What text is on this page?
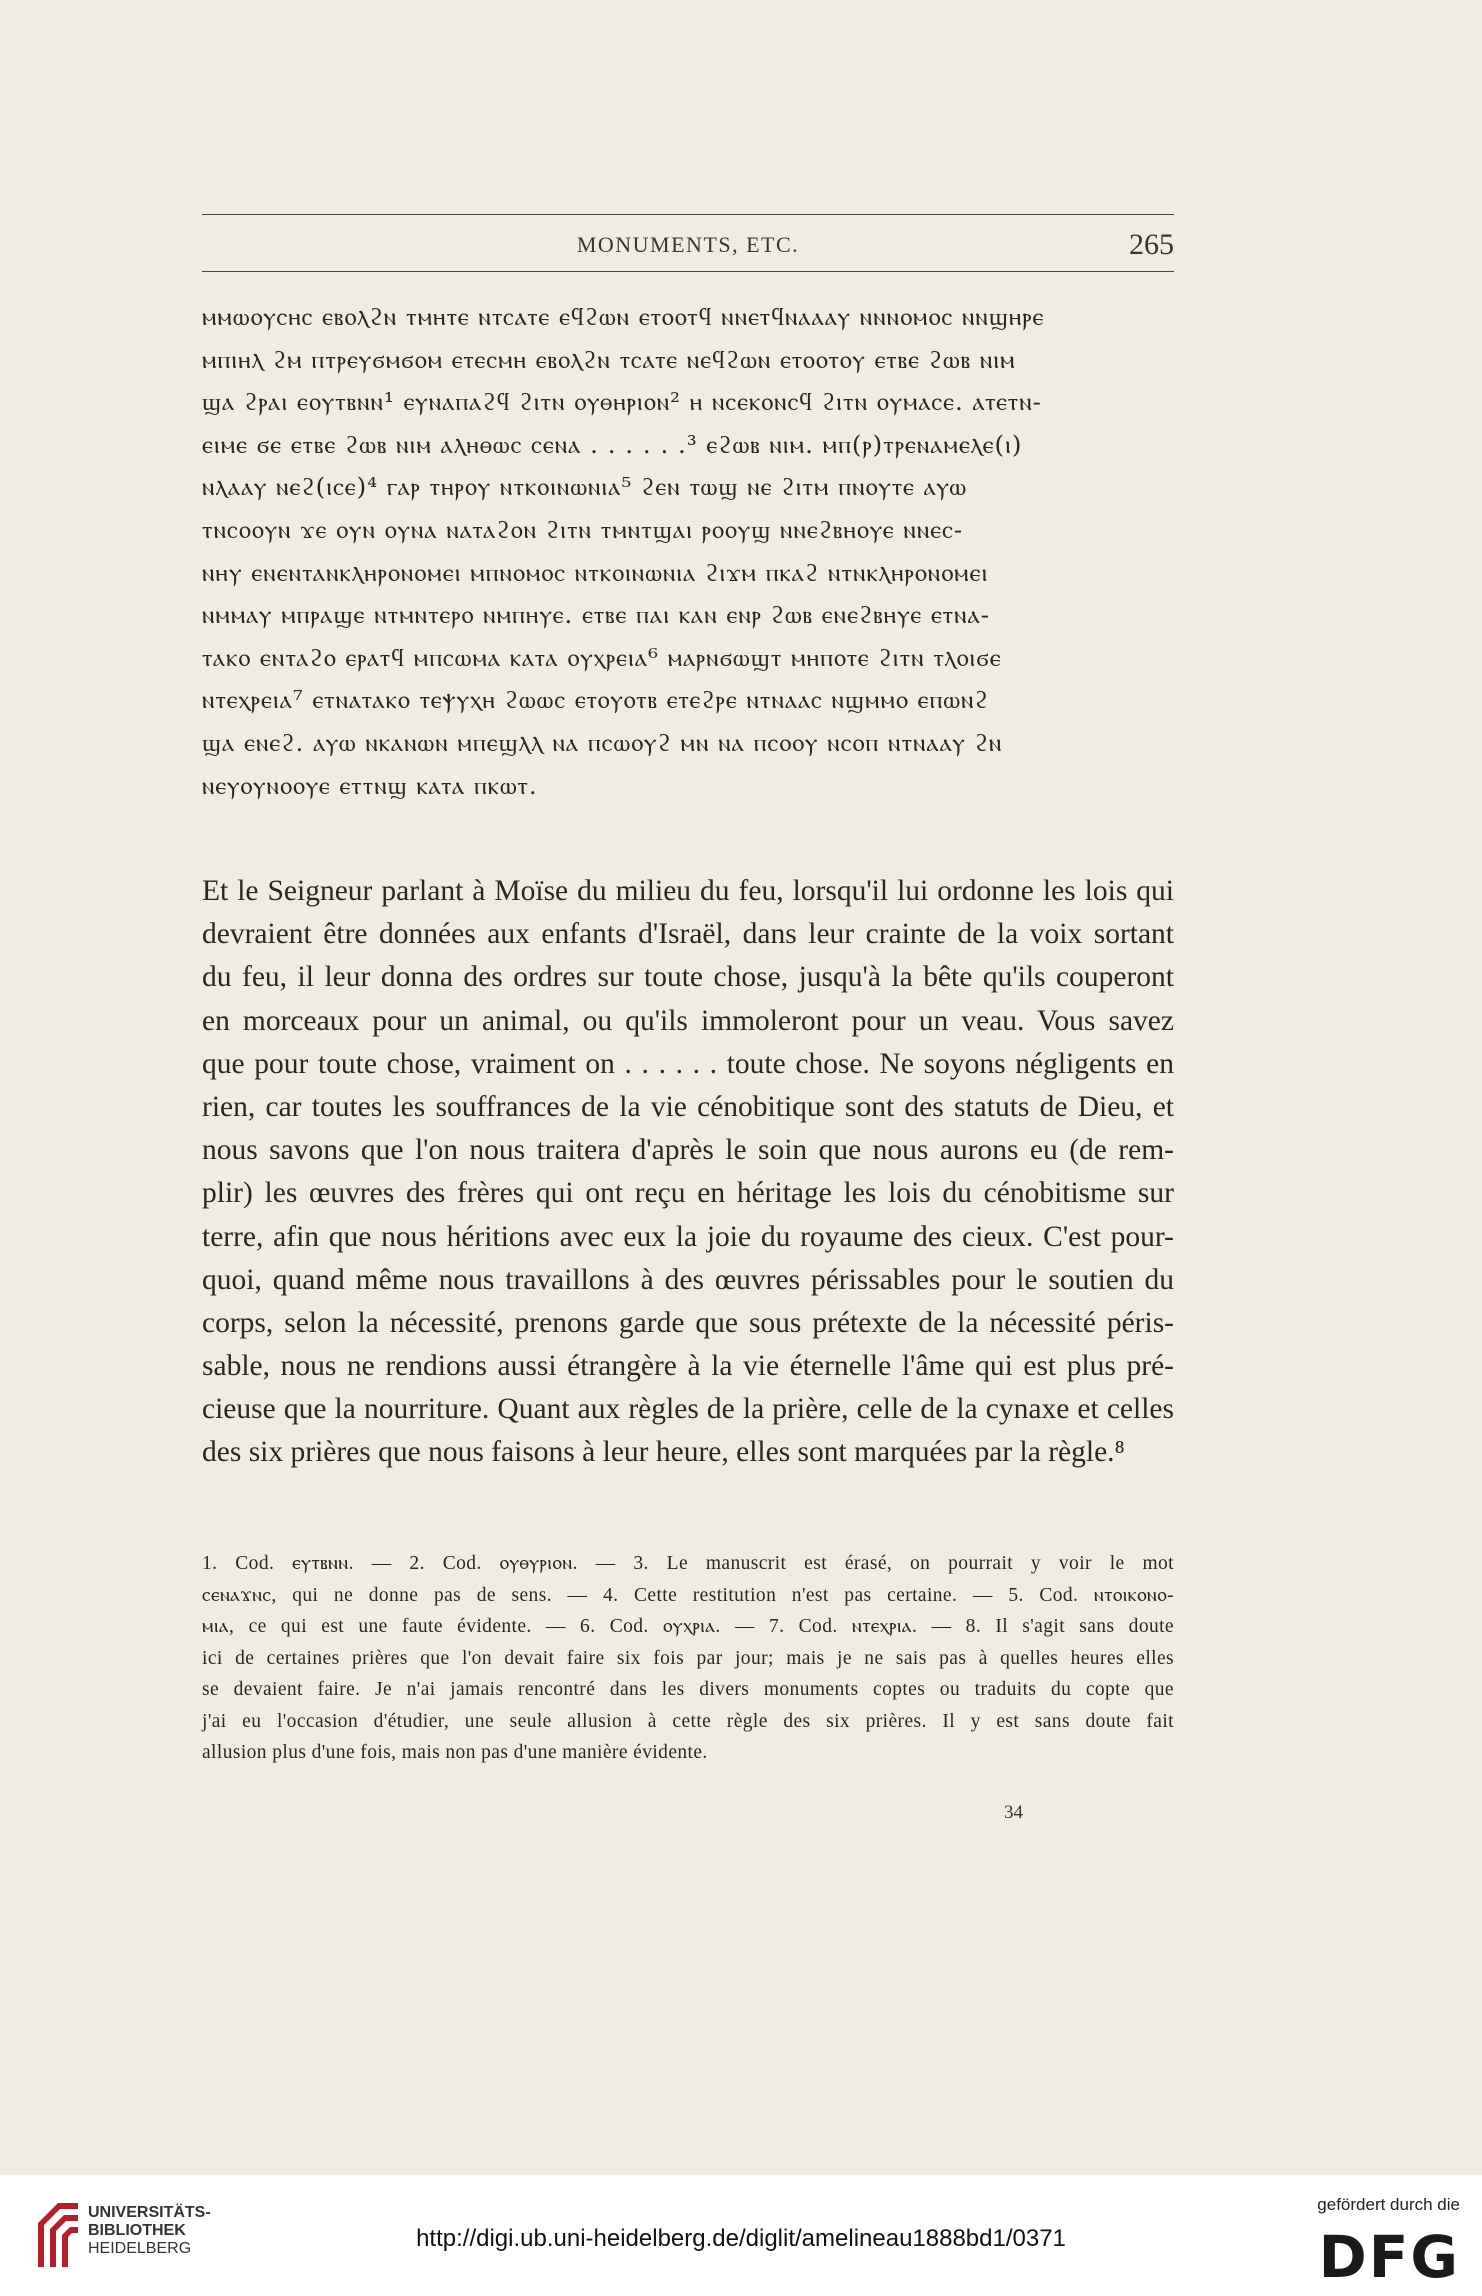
MONUMENTS, ETC.	265
ⲙⲙⲱⲟⲩⲥⲏⲥ ⲉⲃⲟⲗϩⲛ ⲧⲙⲏⲧⲉ ⲛⲧⲥⲁⲧⲉ ⲉϥϩⲱⲛ ⲉⲧⲟⲟⲧϥ ⲛⲛⲉⲧϥⲛⲁⲁⲁⲩ ⲛⲛⲛⲟⲙⲟⲥ ⲛⲛϣⲏⲣⲉ
ⲙⲡⲓⲏⲗ ϩⲙ ⲡⲧⲣⲉⲩϭⲙϭⲟⲙ ⲉⲧⲉⲥⲙⲏ ⲉⲃⲟⲗϩⲛ ⲧⲥⲁⲧⲉ ⲛⲉϥϩⲱⲛ ⲉⲧⲟⲟⲧⲟⲩ ⲉⲧⲃⲉ ϩⲱⲃ ⲛⲓⲙ
ϣⲁ ϩⲣⲁⲓ ⲉⲟⲩⲧⲃⲛⲛ¹ ⲉⲩⲛⲁⲡⲁϩϥ ϩⲓⲧⲛ ⲟⲩⲑⲏⲣⲓⲟⲛ² ⲏ ⲛⲥⲉⲕⲟⲛⲥϥ ϩⲓⲧⲛ ⲟⲩⲙⲁⲥⲉ. ⲁⲧⲉⲧⲛ-
ⲉⲓⲙⲉ ϭⲉ ⲉⲧⲃⲉ ϩⲱⲃ ⲛⲓⲙ ⲁⲗⲏⲑⲱⲥ ⲥⲉⲛⲁ . . . . . .³ ⲉϩⲱⲃ ⲛⲓⲙ. ⲙⲡ(ⲣ)ⲧⲣⲉⲛⲁⲙⲉⲗⲉ(ⲓ)
ⲛⲗⲁⲁⲩ ⲛⲉϩ(ⲓⲥⲉ)⁴ ⲅⲁⲣ ⲧⲏⲣⲟⲩ ⲛⲧⲕⲟⲓⲛⲱⲛⲓⲁ⁵ ϩⲉⲛ ⲧⲱϣ ⲛⲉ ϩⲓⲧⲙ ⲡⲛⲟⲩⲧⲉ ⲁⲩⲱ
ⲧⲛⲥⲟⲟⲩⲛ ϫⲉ ⲟⲩⲛ ⲟⲩⲛⲁ ⲛⲁⲧⲁϩⲟⲛ ϩⲓⲧⲛ ⲧⲙⲛⲧϣⲁⲓ ⲣⲟⲟⲩϣ ⲛⲛⲉϩⲃⲏⲟⲩⲉ ⲛⲛⲉⲥ-
ⲛⲏⲩ ⲉⲛⲉⲛⲧⲁⲛⲕⲗⲏⲣⲟⲛⲟⲙⲉⲓ ⲙⲡⲛⲟⲙⲟⲥ ⲛⲧⲕⲟⲓⲛⲱⲛⲓⲁ ϩⲓϫⲙ ⲡⲕⲁϩ ⲛⲧⲛⲕⲗⲏⲣⲟⲛⲟⲙⲉⲓ
ⲛⲙⲙⲁⲩ ⲙⲡⲣⲁϣⲉ ⲛⲧⲙⲛⲧⲉⲣⲟ ⲛⲙⲡⲏⲩⲉ. ⲉⲧⲃⲉ ⲡⲁⲓ ⲕⲁⲛ ⲉⲛⲣ ϩⲱⲃ ⲉⲛⲉϩⲃⲏⲩⲉ ⲉⲧⲛⲁ-
ⲧⲁⲕⲟ ⲉⲛⲧⲁϩⲟ ⲉⲣⲁⲧϥ ⲙⲡⲥⲱⲙⲁ ⲕⲁⲧⲁ ⲟⲩⲭⲣⲉⲓⲁ⁶ ⲙⲁⲣⲛϭⲱϣⲧ ⲙⲏⲡⲟⲧⲉ ϩⲓⲧⲛ ⲧⲗⲟⲓϭⲉ
ⲛⲧⲉⲭⲣⲉⲓⲁ⁷ ⲉⲧⲛⲁⲧⲁⲕⲟ ⲧⲉⲯⲩⲭⲏ ϩⲱⲱⲥ ⲉⲧⲟⲩⲟⲧⲃ ⲉⲧⲉϩⲣⲉ ⲛⲧⲛⲁⲁⲥ ⲛϣⲙⲙⲟ ⲉⲡⲱⲛϩ
ϣⲁ ⲉⲛⲉϩ. ⲁⲩⲱ ⲛⲕⲁⲛⲱⲛ ⲙⲡⲉϣⲗⲗ ⲛⲁ ⲡⲥⲱⲟⲩϩ ⲙⲛ ⲛⲁ ⲡⲥⲟⲟⲩ ⲛⲥⲟⲡ ⲛⲧⲛⲁⲁⲩ ϩⲛ
ⲛⲉⲩⲟⲩⲛⲟⲟⲩⲉ ⲉⲧⲧⲛϣ ⲕⲁⲧⲁ ⲡⲕⲱⲧ.
Et le Seigneur parlant à Moïse du milieu du feu, lorsqu'il lui ordonne les lois qui
devraient être données aux enfants d'Israël, dans leur crainte de la voix sortant
du feu, il leur donna des ordres sur toute chose, jusqu'à la bête qu'ils couperont
en morceaux pour un animal, ou qu'ils immoleront pour un veau. Vous savez
que pour toute chose, vraiment on . . . . . . toute chose. Ne soyons négligents en
rien, car toutes les souffrances de la vie cénobitique sont des statuts de Dieu, et
nous savons que l'on nous traitera d'après le soin que nous aurons eu (de rem-
plir) les œuvres des frères qui ont reçu en héritage les lois du cénobitisme sur
terre, afin que nous héritions avec eux la joie du royaume des cieux. C'est pour-
quoi, quand même nous travaillons à des œuvres périssables pour le soutien du
corps, selon la nécessité, prenons garde que sous prétexte de la nécessité péris-
sable, nous ne rendions aussi étrangère à la vie éternelle l'âme qui est plus pré-
cieuse que la nourriture. Quant aux règles de la prière, celle de la cynaxe et celles
des six prières que nous faisons à leur heure, elles sont marquées par la règle.⁸
1. Cod. ⲉⲩⲧⲃⲛⲛ. — 2. Cod. ⲟⲩⲑⲩⲣⲓⲟⲛ. — 3. Le manuscrit est érasé, on pourrait y voir le mot
ⲥⲉⲛⲁϫⲛⲥ, qui ne donne pas de sens. — 4. Cette restitution n'est pas certaine. — 5. Cod. ⲛⲧⲟⲓⲕⲟⲛⲟ-
ⲙⲓⲁ, ce qui est une faute évidente. — 6. Cod. ⲟⲩⲭⲣⲓⲁ. — 7. Cod. ⲛⲧⲉⲭⲣⲓⲁ. — 8. Il s'agit sans doute
ici de certaines prières que l'on devait faire six fois par jour; mais je ne sais pas à quelles heures elles
se devaient faire. Je n'ai jamais rencontré dans les divers monuments coptes ou traduits du copte que
j'ai eu l'occasion d'étudier, une seule allusion à cette règle des six prières. Il y est sans doute fait
allusion plus d'une fois, mais non pas d'une manière évidente.
34
UNIVERSITÄTS-
BIBLIOTHEK
HEIDELBERG	http://digi.ub.uni-heidelberg.de/diglit/amelineau1888bd1/0371
gefördert durch die
DFG
